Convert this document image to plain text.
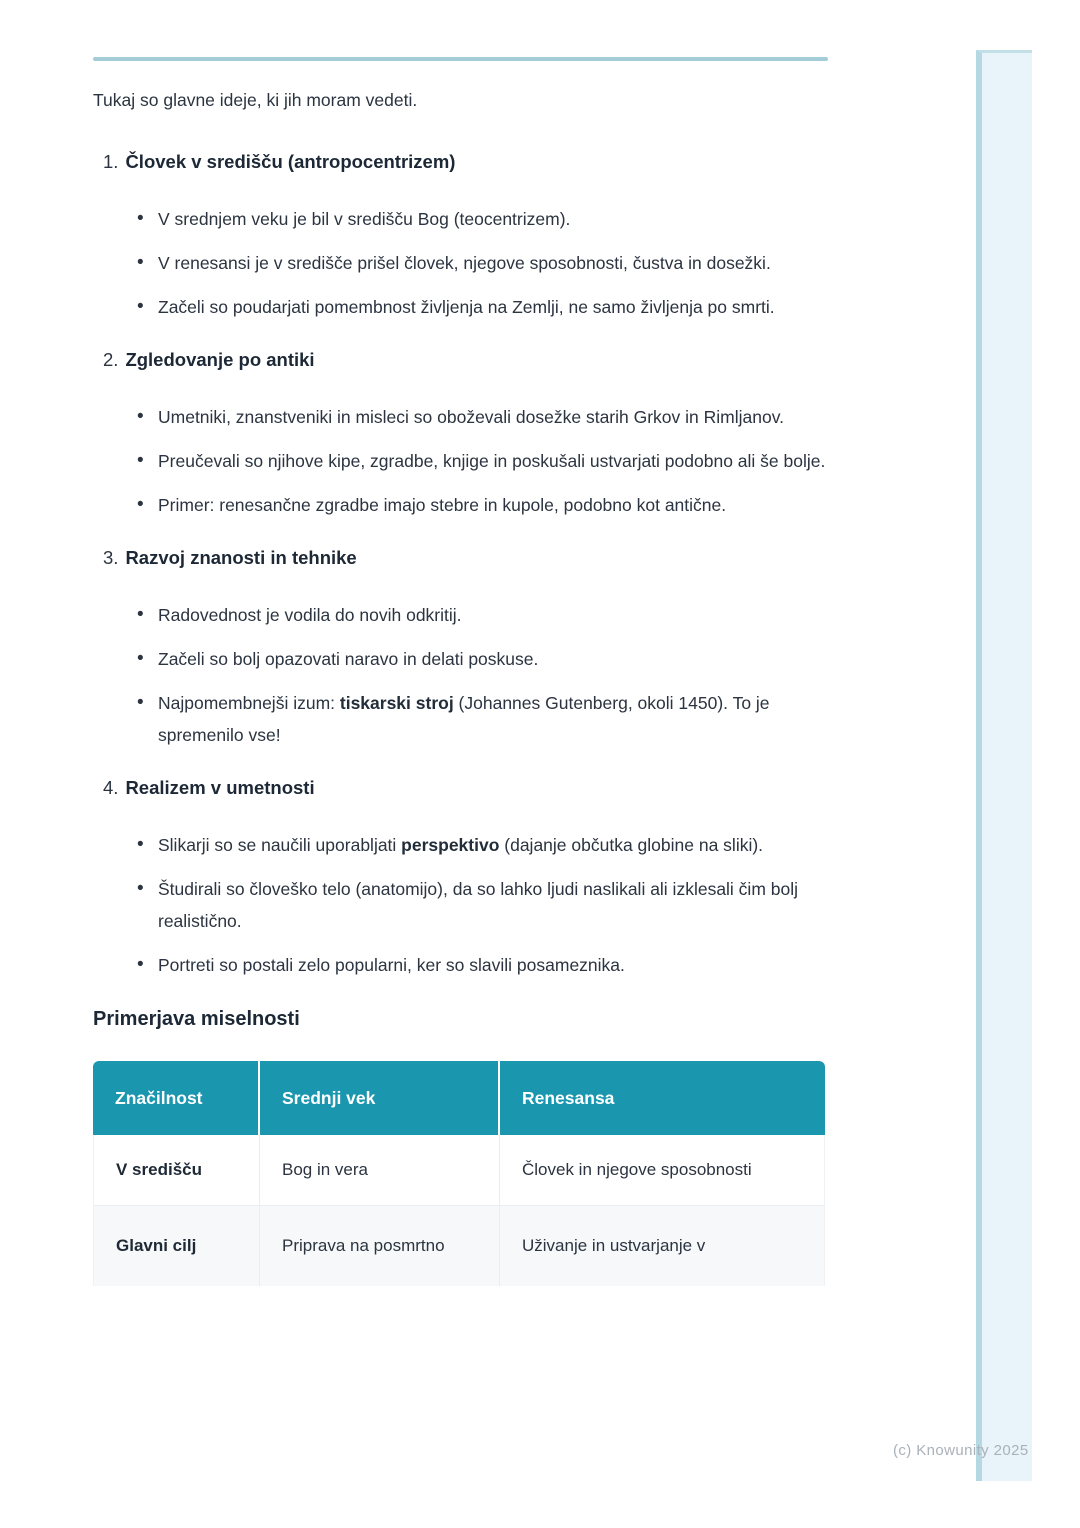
Tukaj so glavne ideje, ki jih moram vedeti.

1. Človek v središču (antropocentrizem)
• V srednjem veku je bil v središču Bog (teocentrizem).
• V renesansi je v središče prišel človek, njegove sposobnosti, čustva in dosežki.
• Začeli so poudarjati pomembnost življenja na Zemlji, ne samo življenja po smrti.
2. Zgledovanje po antiki
• Umetniki, znanstveniki in misleci so oboževali dosežke starih Grkov in Rimljanov.
• Preučevali so njihove kipe, zgradbe, knjige in poskušali ustvarjati podobno ali še bolje.
• Primer: renesančne zgradbe imajo stebre in kupole, podobno kot antične.
3. Razvoj znanosti in tehnike
• Radovednost je vodila do novih odkritij.
• Začeli so bolj opazovati naravo in delati poskuse.
• Najpomembnejši izum: tiskarski stroj (Johannes Gutenberg, okoli 1450). To je spremenilo vse!
4. Realizem v umetnosti
• Slikarji so se naučili uporabljati perspektivo (dajanje občutka globine na sliki).
• Študirali so človeško telo (anatomijo), da so lahko ljudi naslikali ali izklesali čim bolj realistično.
• Portreti so postali zelo popularni, ker so slavili posameznika.
Primerjava miselnosti
Značilnost	Srednji vek	Renesansa
V središču	Bog in vera	Človek in njegove sposobnosti
Glavni cilj	Priprava na posmrtno	Uživanje in ustvarjanje v
(c) Knowunity 2025
